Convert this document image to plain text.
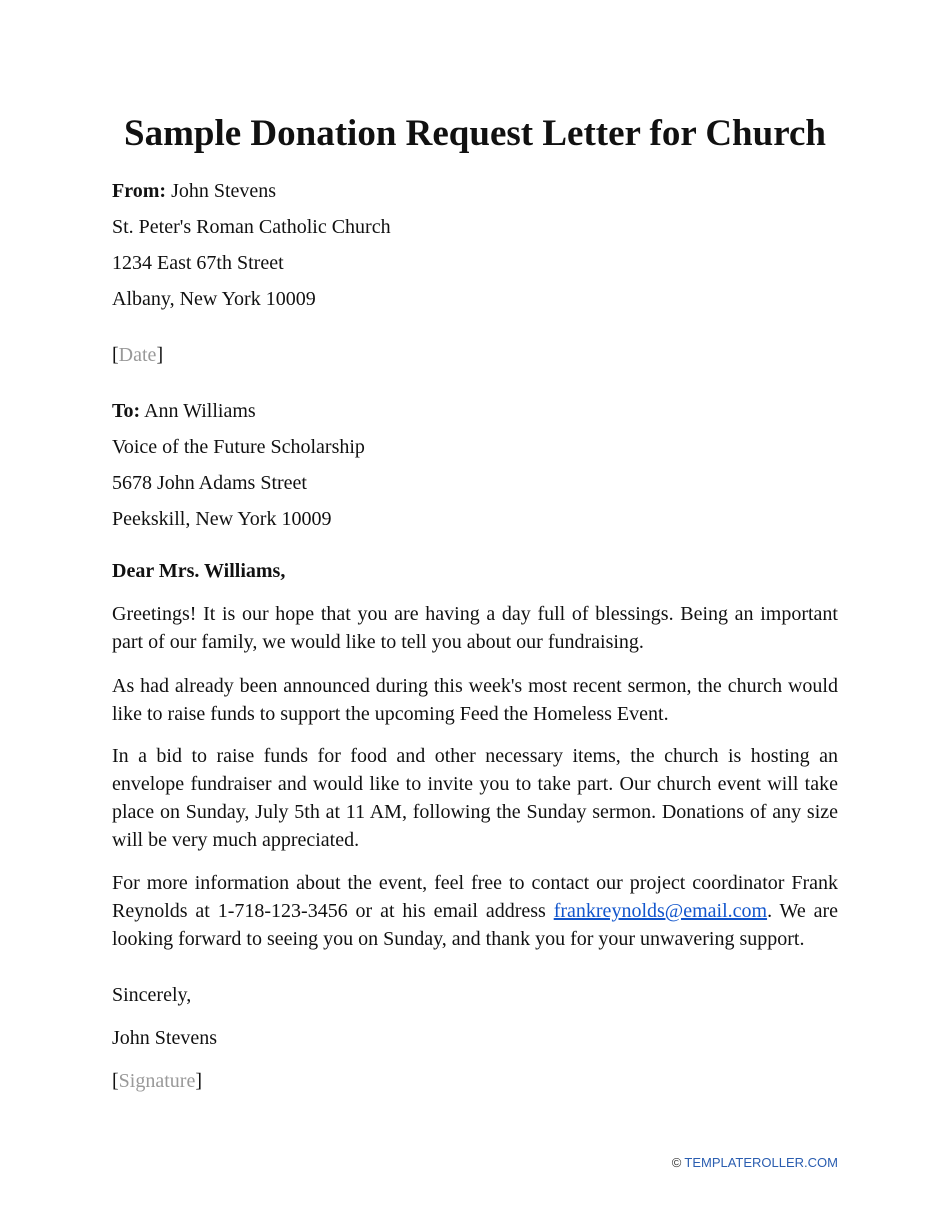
Sample Donation Request Letter for Church
From: John Stevens
St. Peter's Roman Catholic Church
1234 East 67th Street
Albany, New York 10009
[Date]
To: Ann Williams
Voice of the Future Scholarship
5678 John Adams Street
Peekskill, New York 10009
Dear Mrs. Williams,

Greetings! It is our hope that you are having a day full of blessings. Being an important part of our family, we would like to tell you about our fundraising.

As had already been announced during this week's most recent sermon, the church would like to raise funds to support the upcoming Feed the Homeless Event.

In a bid to raise funds for food and other necessary items, the church is hosting an envelope fundraiser and would like to invite you to take part. Our church event will take place on Sunday, July 5th at 11 AM, following the Sunday sermon. Donations of any size will be very much appreciated.

For more information about the event, feel free to contact our project coordinator Frank Reynolds at 1-718-123-3456 or at his email address frankreynolds@email.com. We are looking forward to seeing you on Sunday, and thank you for your unwavering support.

Sincerely,
John Stevens
[Signature]
© TEMPLATEROLLER.COM
